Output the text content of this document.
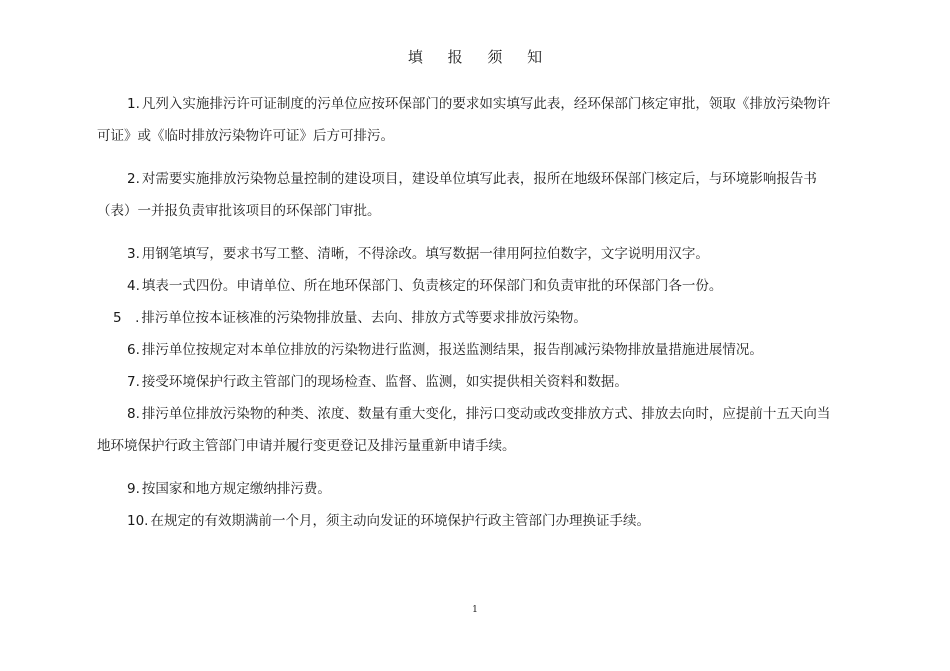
填 报 须 知

1. 凡列入实施排污许可证制度的污单位应按环保部门的要求如实填写此表，经环保部门核定审批，领取《排放污染物许可证》或《临时排放污染物许可证》后方可排污。

2. 对需要实施排放污染物总量控制的建设项目，建设单位填写此表，报所在地级环保部门核定后，与环境影响报告书（表）一并报负责审批该项目的环保部门审批。

3. 用钢笔填写，要求书写工整、清晰，不得涂改。填写数据一律用阿拉伯数字，文字说明用汉字。

4. 填表一式四份。申请单位、所在地环保部门、负责核定的环保部门和负责审批的环保部门各一份。

5　. 排污单位按本证核准的污染物排放量、去向、排放方式等要求排放污染物。

6. 排污单位按规定对本单位排放的污染物进行监测，报送监测结果，报告削减污染物排放量措施进展情况。

7. 接受环境保护行政主管部门的现场检查、监督、监测，如实提供相关资料和数据。

8. 排污单位排放污染物的种类、浓度、数量有重大变化，排污口变动或改变排放方式、排放去向时，应提前十五天向当地环境保护行政主管部门申请并履行变更登记及排污量重新申请手续。

9. 按国家和地方规定缴纳排污费。

10. 在规定的有效期满前一个月，须主动向发证的环境保护行政主管部门办理换证手续。

1
